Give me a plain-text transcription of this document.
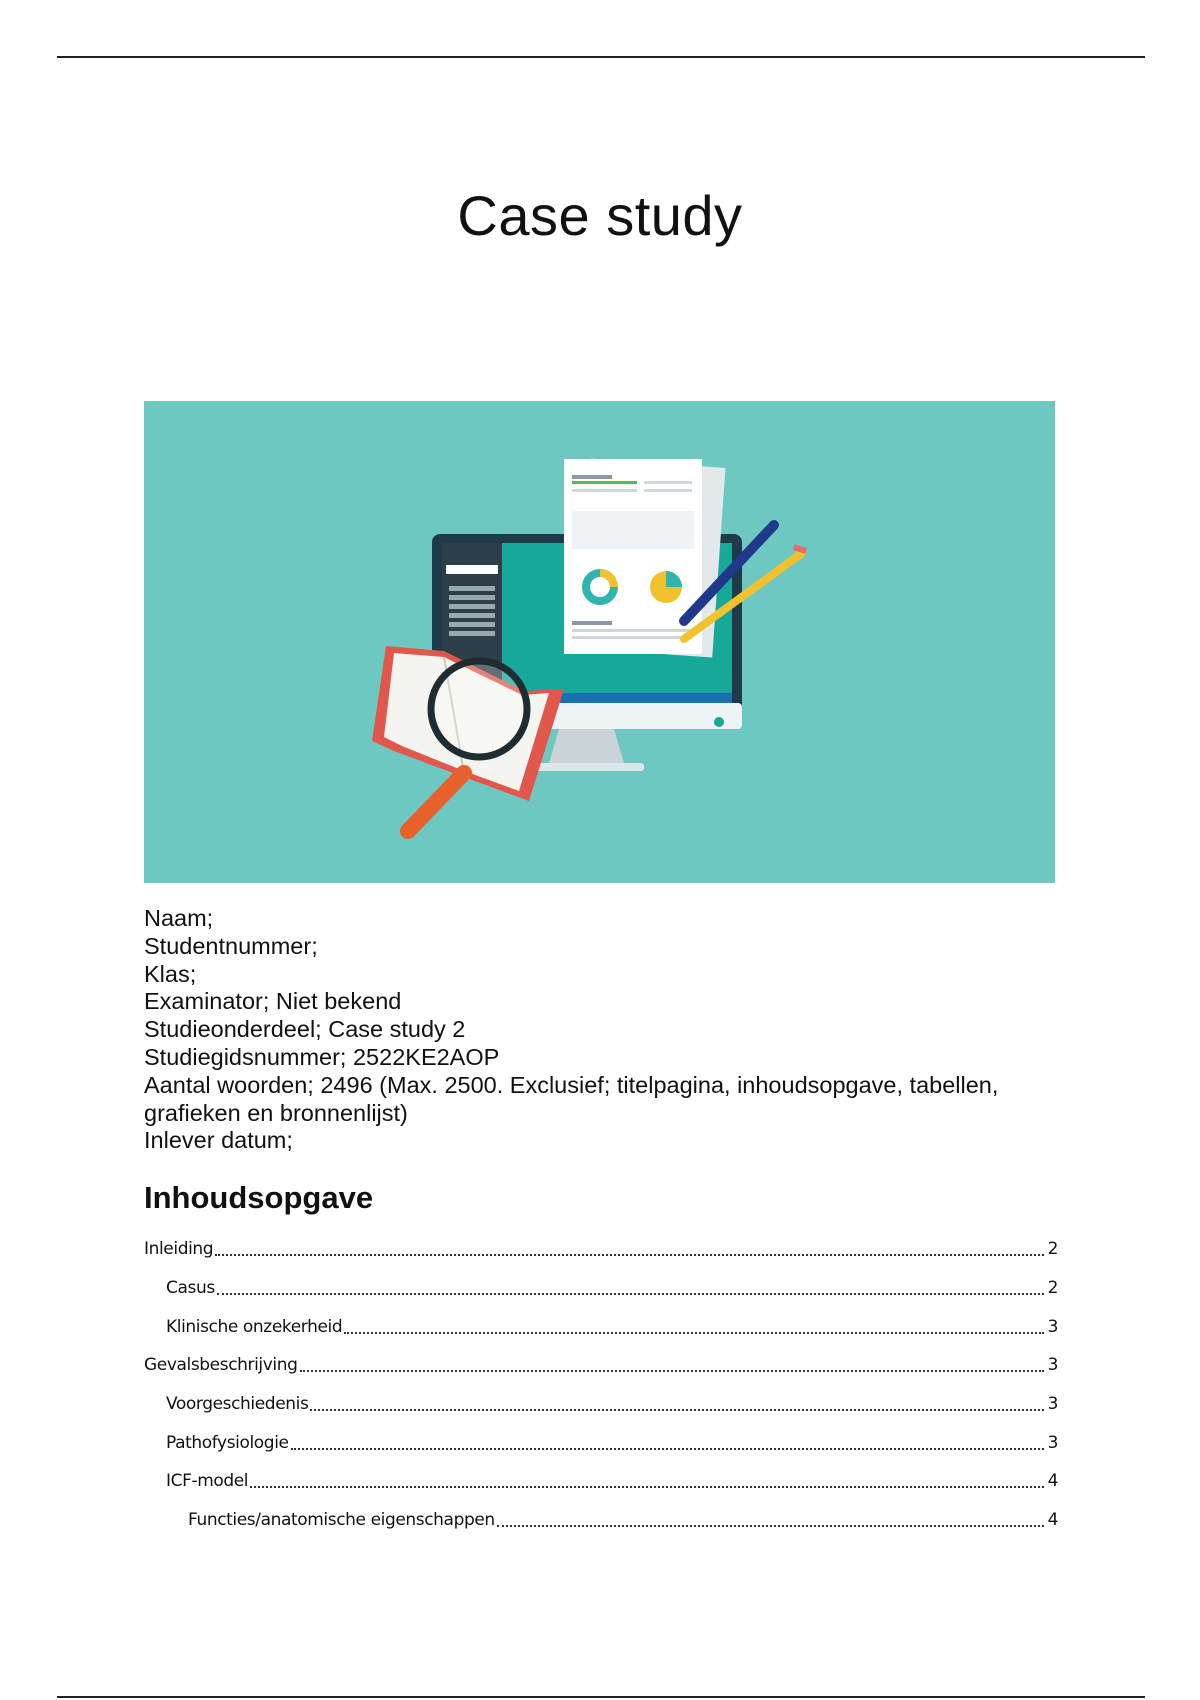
Case study
Naam;
Studentnummer;
Klas;
Examinator; Niet bekend
Studieonderdeel; Case study 2
Studiegidsnummer; 2522KE2AOP
Aantal woorden; 2496 (Max. 2500. Exclusief; titelpagina, inhoudsopgave, tabellen,
grafieken en bronnenlijst)
Inlever datum;
Inhoudsopgave
Inleiding	2
Casus	2
Klinische onzekerheid	3
Gevalsbeschrijving	3
Voorgeschiedenis	3
Pathofysiologie	3
ICF-model	4
Functies/anatomische eigenschappen	4
